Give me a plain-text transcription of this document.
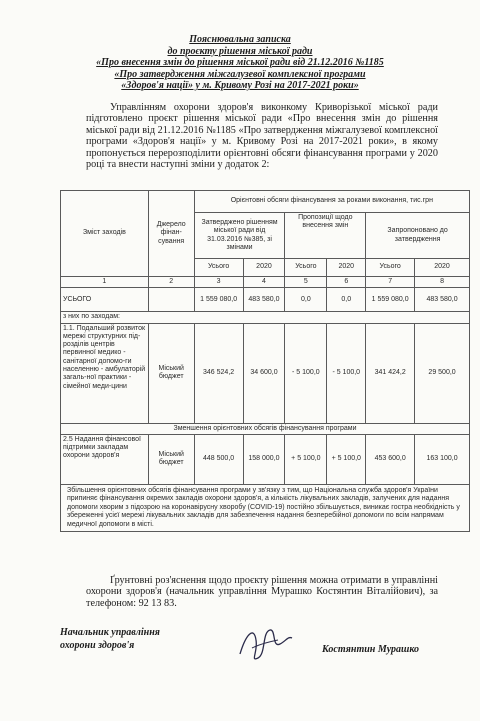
Пояснювальна записка
до проєкту рішення міської ради
«Про внесення змін до рішення міської ради від 21.12.2016 №1185
«Про затвердження міжгалузевої комплексної програми
«Здоров'я нації» у м. Кривому Розі на 2017-2021 роки»
Управлінням охорони здоров'я виконкому Криворізької міської ради підготовлено проєкт рішення міської ради «Про внесення змін до рішення міської ради від 21.12.2016 №1185 «Про затвердження міжгалузевої комплексної програми «Здоров'я нації» у м. Кривому Розі на 2017-2021 роки», в якому пропонується перерозподілити орієнтовні обсяги фінансування програми у 2020 році та внести наступні зміни у додаток 2:
Зміст заходів	Джерело фінан-сування	Орієнтовні обсяги фінансування за роками виконання, тис.грн					
		Затверджено рішенням міської ради від 31.03.2016 №385, зі змінами		Пропозиції щодо внесення змін		Запропоновано до затвердження	
		Усього	2020	Усього	2020	Усього	2020
1	2	3	4	5	6	7	8
УСЬОГО		1 559 080,0	483 580,0	0,0	0,0	1 559 080,0	483 580,0
з них по заходам:							
1.1. Подальший розвиток мережі структурних під-розділів центрів первинної медико - санітарної допомо-ги населенню - амбулаторій загаль-ної практики - сімейної меди-цини	Міський бюджет	346 524,2	34 600,0	- 5 100,0	- 5 100,0	341 424,2	29 500,0
Зменшення орієнтовних обсягів фінансування програми							
2.5 Надання фінансової підтримки закладам охорони здоров'я	Міський бюджет	448 500,0	158 000,0	+ 5 100,0	+ 5 100,0	453 600,0	163 100,0
Збільшення орієнтовних обсягів фінансування програми у зв'язку з тим, що Національна служба здоров'я України припиняє фінансування окремих закладів охорони здоров'я, а кількість лікувальних закладів, залучених для надання допомоги хворим з підозрою на коронавірусну хворобу (COVID-19) постійно збільшується, виникає гостра необхідність у збереженні усієї мережі лікувальних закладів для забезпечення надання безперебійної допомоги по всім напрямам медичної допомоги в місті.							
Ґрунтовні роз'яснення щодо проєкту рішення можна отримати в управлінні охорони здоров'я (начальник управління Мурашко Костянтин Віталійович), за телефоном: 92 13 83.
Начальник управління
охорони здоров'я	Костянтин Мурашко
